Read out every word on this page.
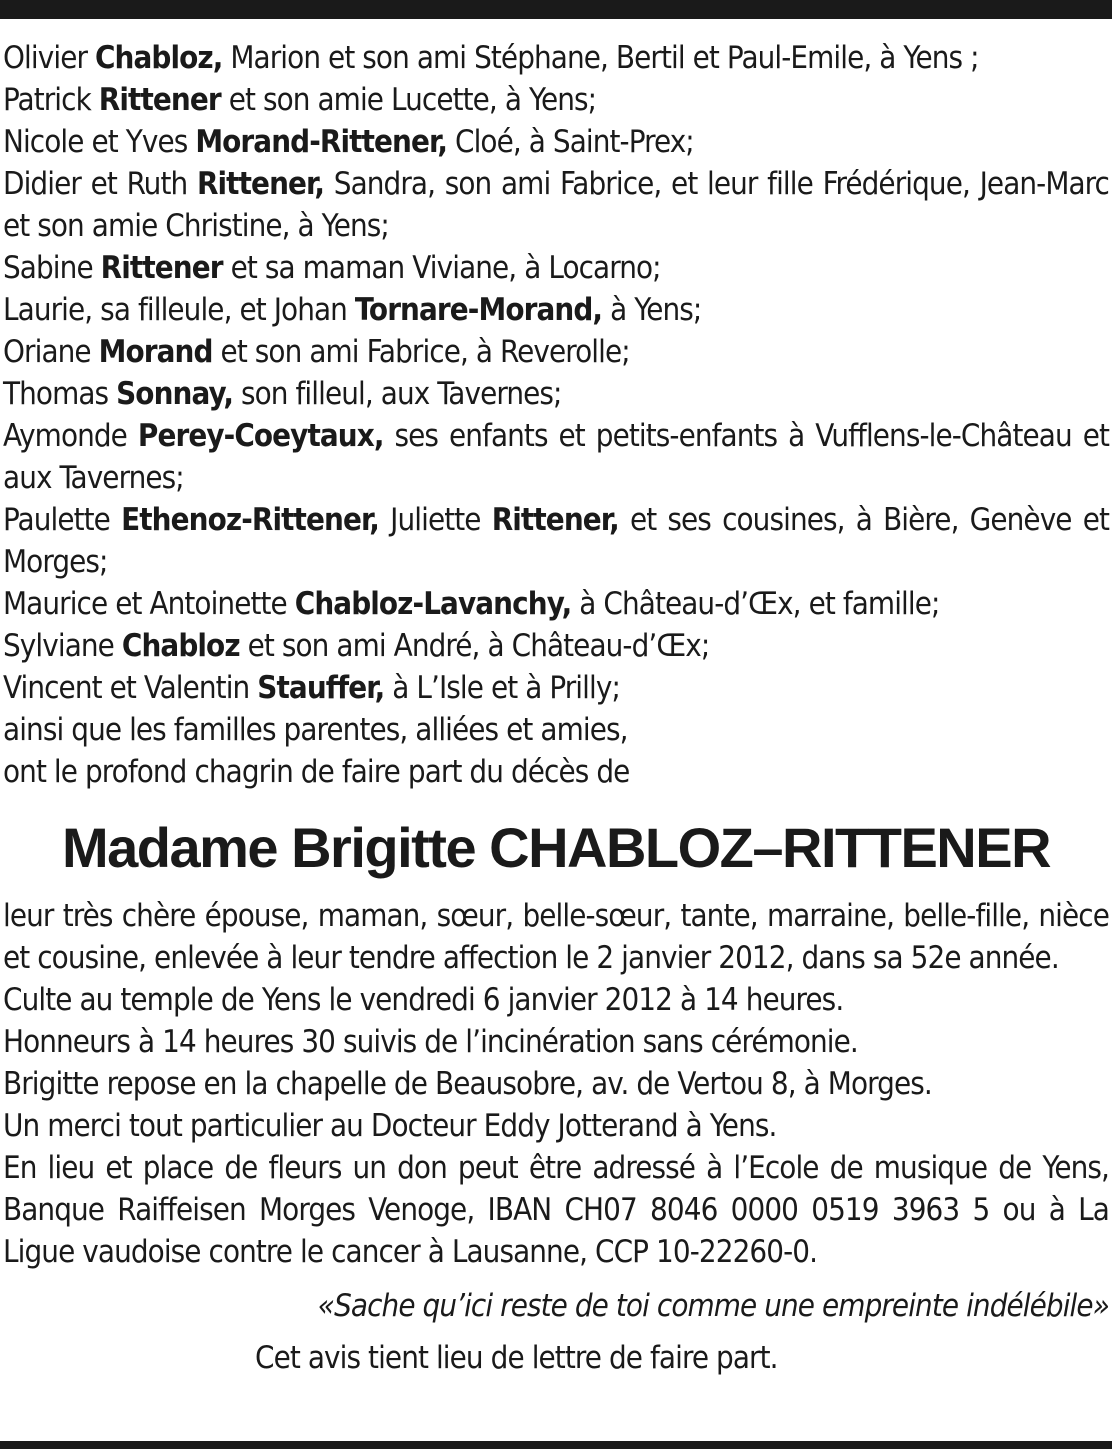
Olivier Chabloz, Marion et son ami Stéphane, Bertil et Paul-Emile, à Yens ;

Patrick Rittener et son amie Lucette, à Yens;

Nicole et Yves Morand-Rittener, Cloé, à Saint-Prex;

Didier et Ruth Rittener, Sandra, son ami Fabrice, et leur fille Frédérique, Jean-Marc et son amie Christine, à Yens;

Sabine Rittener et sa maman Viviane, à Locarno;

Laurie, sa filleule, et Johan Tornare-Morand, à Yens;

Oriane Morand et son ami Fabrice, à Reverolle;

Thomas Sonnay, son filleul, aux Tavernes;

Aymonde Perey-Coeytaux, ses enfants et petits-enfants à Vufflens-le-Château et aux Tavernes;

Paulette Ethenoz-Rittener, Juliette Rittener, et ses cousines, à Bière, Genève et Morges;

Maurice et Antoinette Chabloz-Lavanchy, à Château-d’Œx, et famille;

Sylviane Chabloz et son ami André, à Château-d’Œx;

Vincent et Valentin Stauffer, à L’Isle et à Prilly;

ainsi que les familles parentes, alliées et amies,

ont le profond chagrin de faire part du décès de

Madame Brigitte CHABLOZ–RITTENER

leur très chère épouse, maman, sœur, belle-sœur, tante, marraine, belle-fille, nièce et cousine, enlevée à leur tendre affection le 2 janvier 2012, dans sa 52e année.

Culte au temple de Yens le vendredi 6 janvier 2012 à 14 heures.

Honneurs à 14 heures 30 suivis de l’incinération sans cérémonie.

Brigitte repose en la chapelle de Beausobre, av. de Vertou 8, à Morges.

Un merci tout particulier au Docteur Eddy Jotterand à Yens.

En lieu et place de fleurs un don peut être adressé à l’Ecole de musique de Yens, Banque Raiffeisen Morges Venoge, IBAN CH07 8046 0000 0519 3963 5 ou à La Ligue vaudoise contre le cancer à Lausanne, CCP 10-22260-0.

«Sache qu’ici reste de toi comme une empreinte indélébile»
Cet avis tient lieu de lettre de faire part.
